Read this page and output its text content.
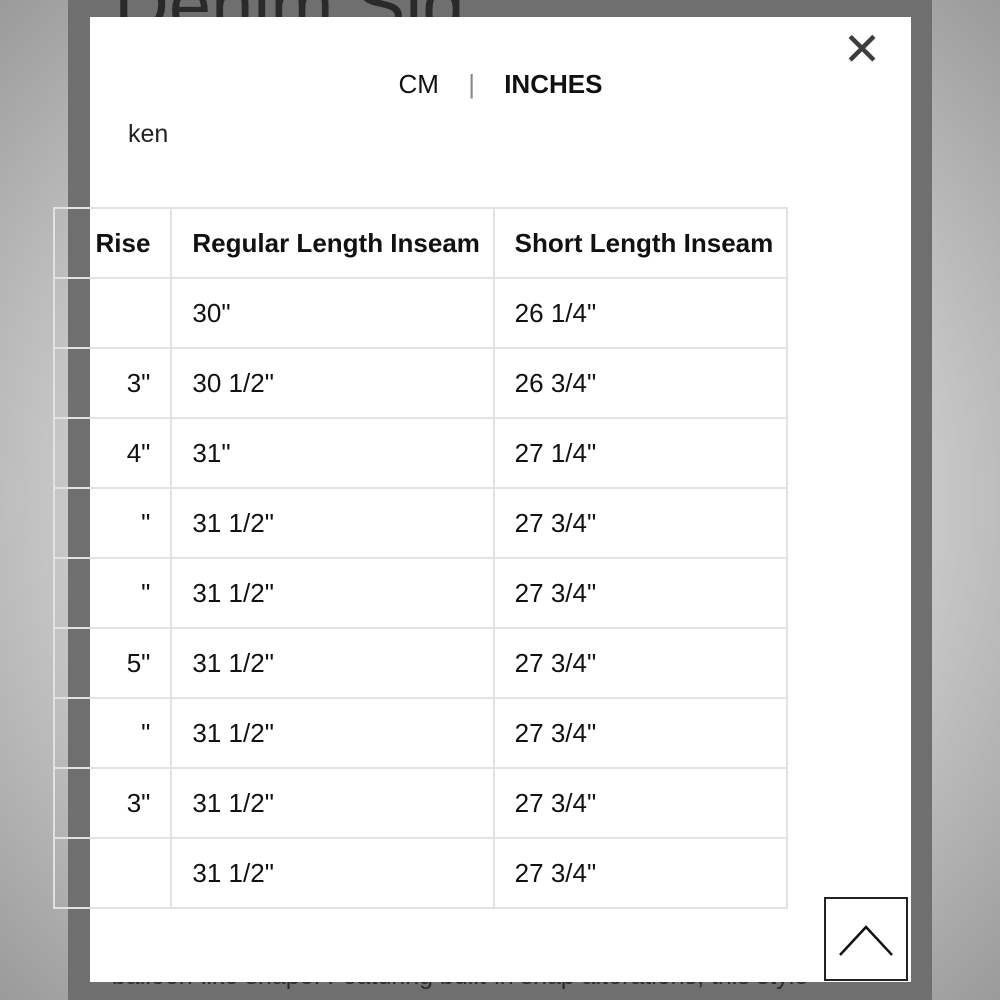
✕
CM | INCHES
ken
Rise	Regular Length Inseam	Short Length Inseam
	30"	26 1/4"
3"	30 1/2"	26 3/4"
4"	31"	27 1/4"
"	31 1/2"	27 3/4"
"	31 1/2"	27 3/4"
5"	31 1/2"	27 3/4"
"	31 1/2"	27 3/4"
3"	31 1/2"	27 3/4"
	31 1/2"	27 3/4"
